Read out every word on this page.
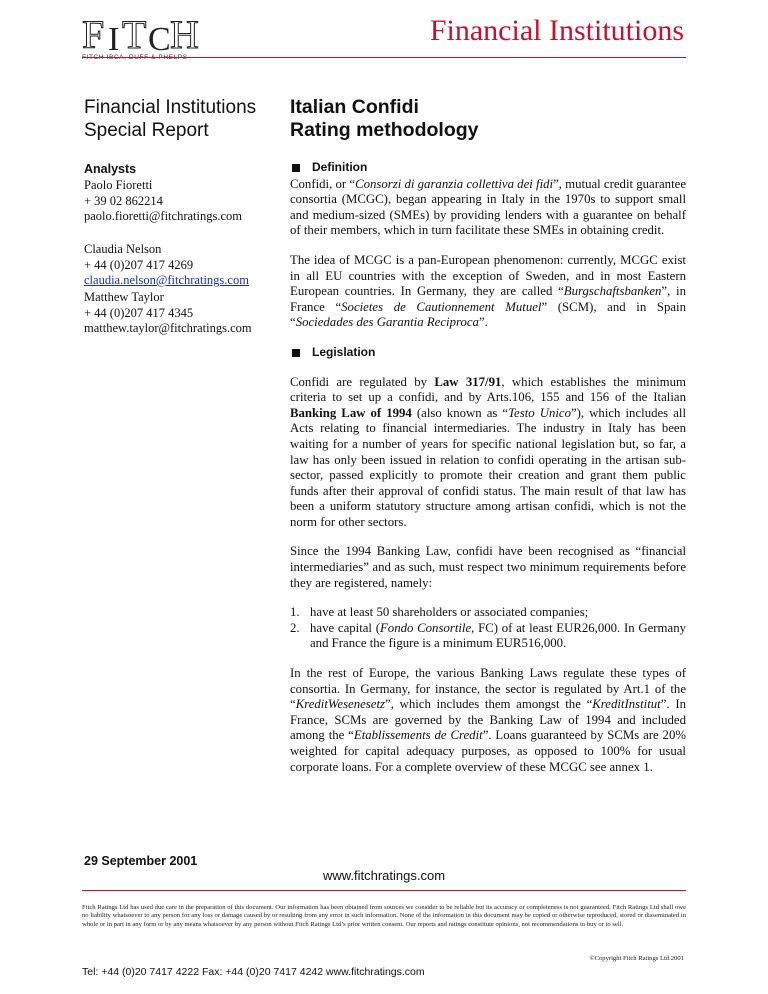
F I T C H	Financial Institutions
Financial Institutions
Special Report
Analysts
Paolo Fioretti
+ 39 02 862214
paolo.fioretti@fitchratings.com
Claudia Nelson
+ 44 (0)207 417 4269
claudia.nelson@fitchratings.com
Matthew Taylor
+ 44 (0)207 417 4345
matthew.taylor@fitchratings.com
29 September 2001
Italian Confidi
Rating methodology
Definition

Confidi, or “Consorzi di garanzia collettiva dei fidi”, mutual credit guarantee consortia (MCGC), began appearing in Italy in the 1970s to support small and medium-sized (SMEs) by providing lenders with a guarantee on behalf of their members, which in turn facilitate these SMEs in obtaining credit.

The idea of MCGC is a pan-European phenomenon: currently, MCGC exist in all EU countries with the exception of Sweden, and in most Eastern European countries. In Germany, they are called “Burgschaftsbanken”, in France “Societes de Cautionnement Mutuel” (SCM), and in Spain “Sociedades des Garantia Reciproca”.

Legislation

Confidi are regulated by Law 317/91, which establishes the minimum criteria to set up a confidi, and by Arts.106, 155 and 156 of the Italian Banking Law of 1994 (also known as “Testo Unico”), which includes all Acts relating to financial intermediaries. The industry in Italy has been waiting for a number of years for specific national legislation but, so far, a law has only been issued in relation to confidi operating in the artisan sub-sector, passed explicitly to promote their creation and grant them public funds after their approval of confidi status. The main result of that law has been a uniform statutory structure among artisan confidi, which is not the norm for other sectors.

Since the 1994 Banking Law, confidi have been recognised as “financial intermediaries” and as such, must respect two minimum requirements before they are registered, namely:

1. have at least 50 shareholders or associated companies;
2. have capital (Fondo Consortile, FC) of at least EUR26,000. In Germany and France the figure is a minimum EUR516,000.

In the rest of Europe, the various Banking Laws regulate these types of consortia. In Germany, for instance, the sector is regulated by Art.1 of the “KreditWesenesetz”, which includes them amongst the “KreditInstitut”. In France, SCMs are governed by the Banking Law of 1994 and included among the “Etablissements de Credit”. Loans guaranteed by SCMs are 20% weighted for capital adequacy purposes, as opposed to 100% for usual corporate loans. For a complete overview of these MCGC see annex 1.

www.fitchratings.com
Fitch Ratings Ltd has used due care in the preparation of this document. Our information has been obtained from sources we consider to be reliable but its accuracy or completeness is not guaranteed. Fitch Ratings Ltd shall owe no liability whatsoever to any person for any loss or damage caused by or resulting from any error in such information. None of the information in this document may be copied or otherwise reproduced, stored or disseminated in whole or in part in any form or by any means whatsoever by any person without Fitch Ratings Ltd’s prior written consent. Our reports and ratings constitute opinions, not recommendations to buy or to sell.
©Copyright Fitch Ratings Ltd 2001
Tel: +44 (0)20 7417 4222 Fax: +44 (0)20 7417 4242 www.fitchratings.com
